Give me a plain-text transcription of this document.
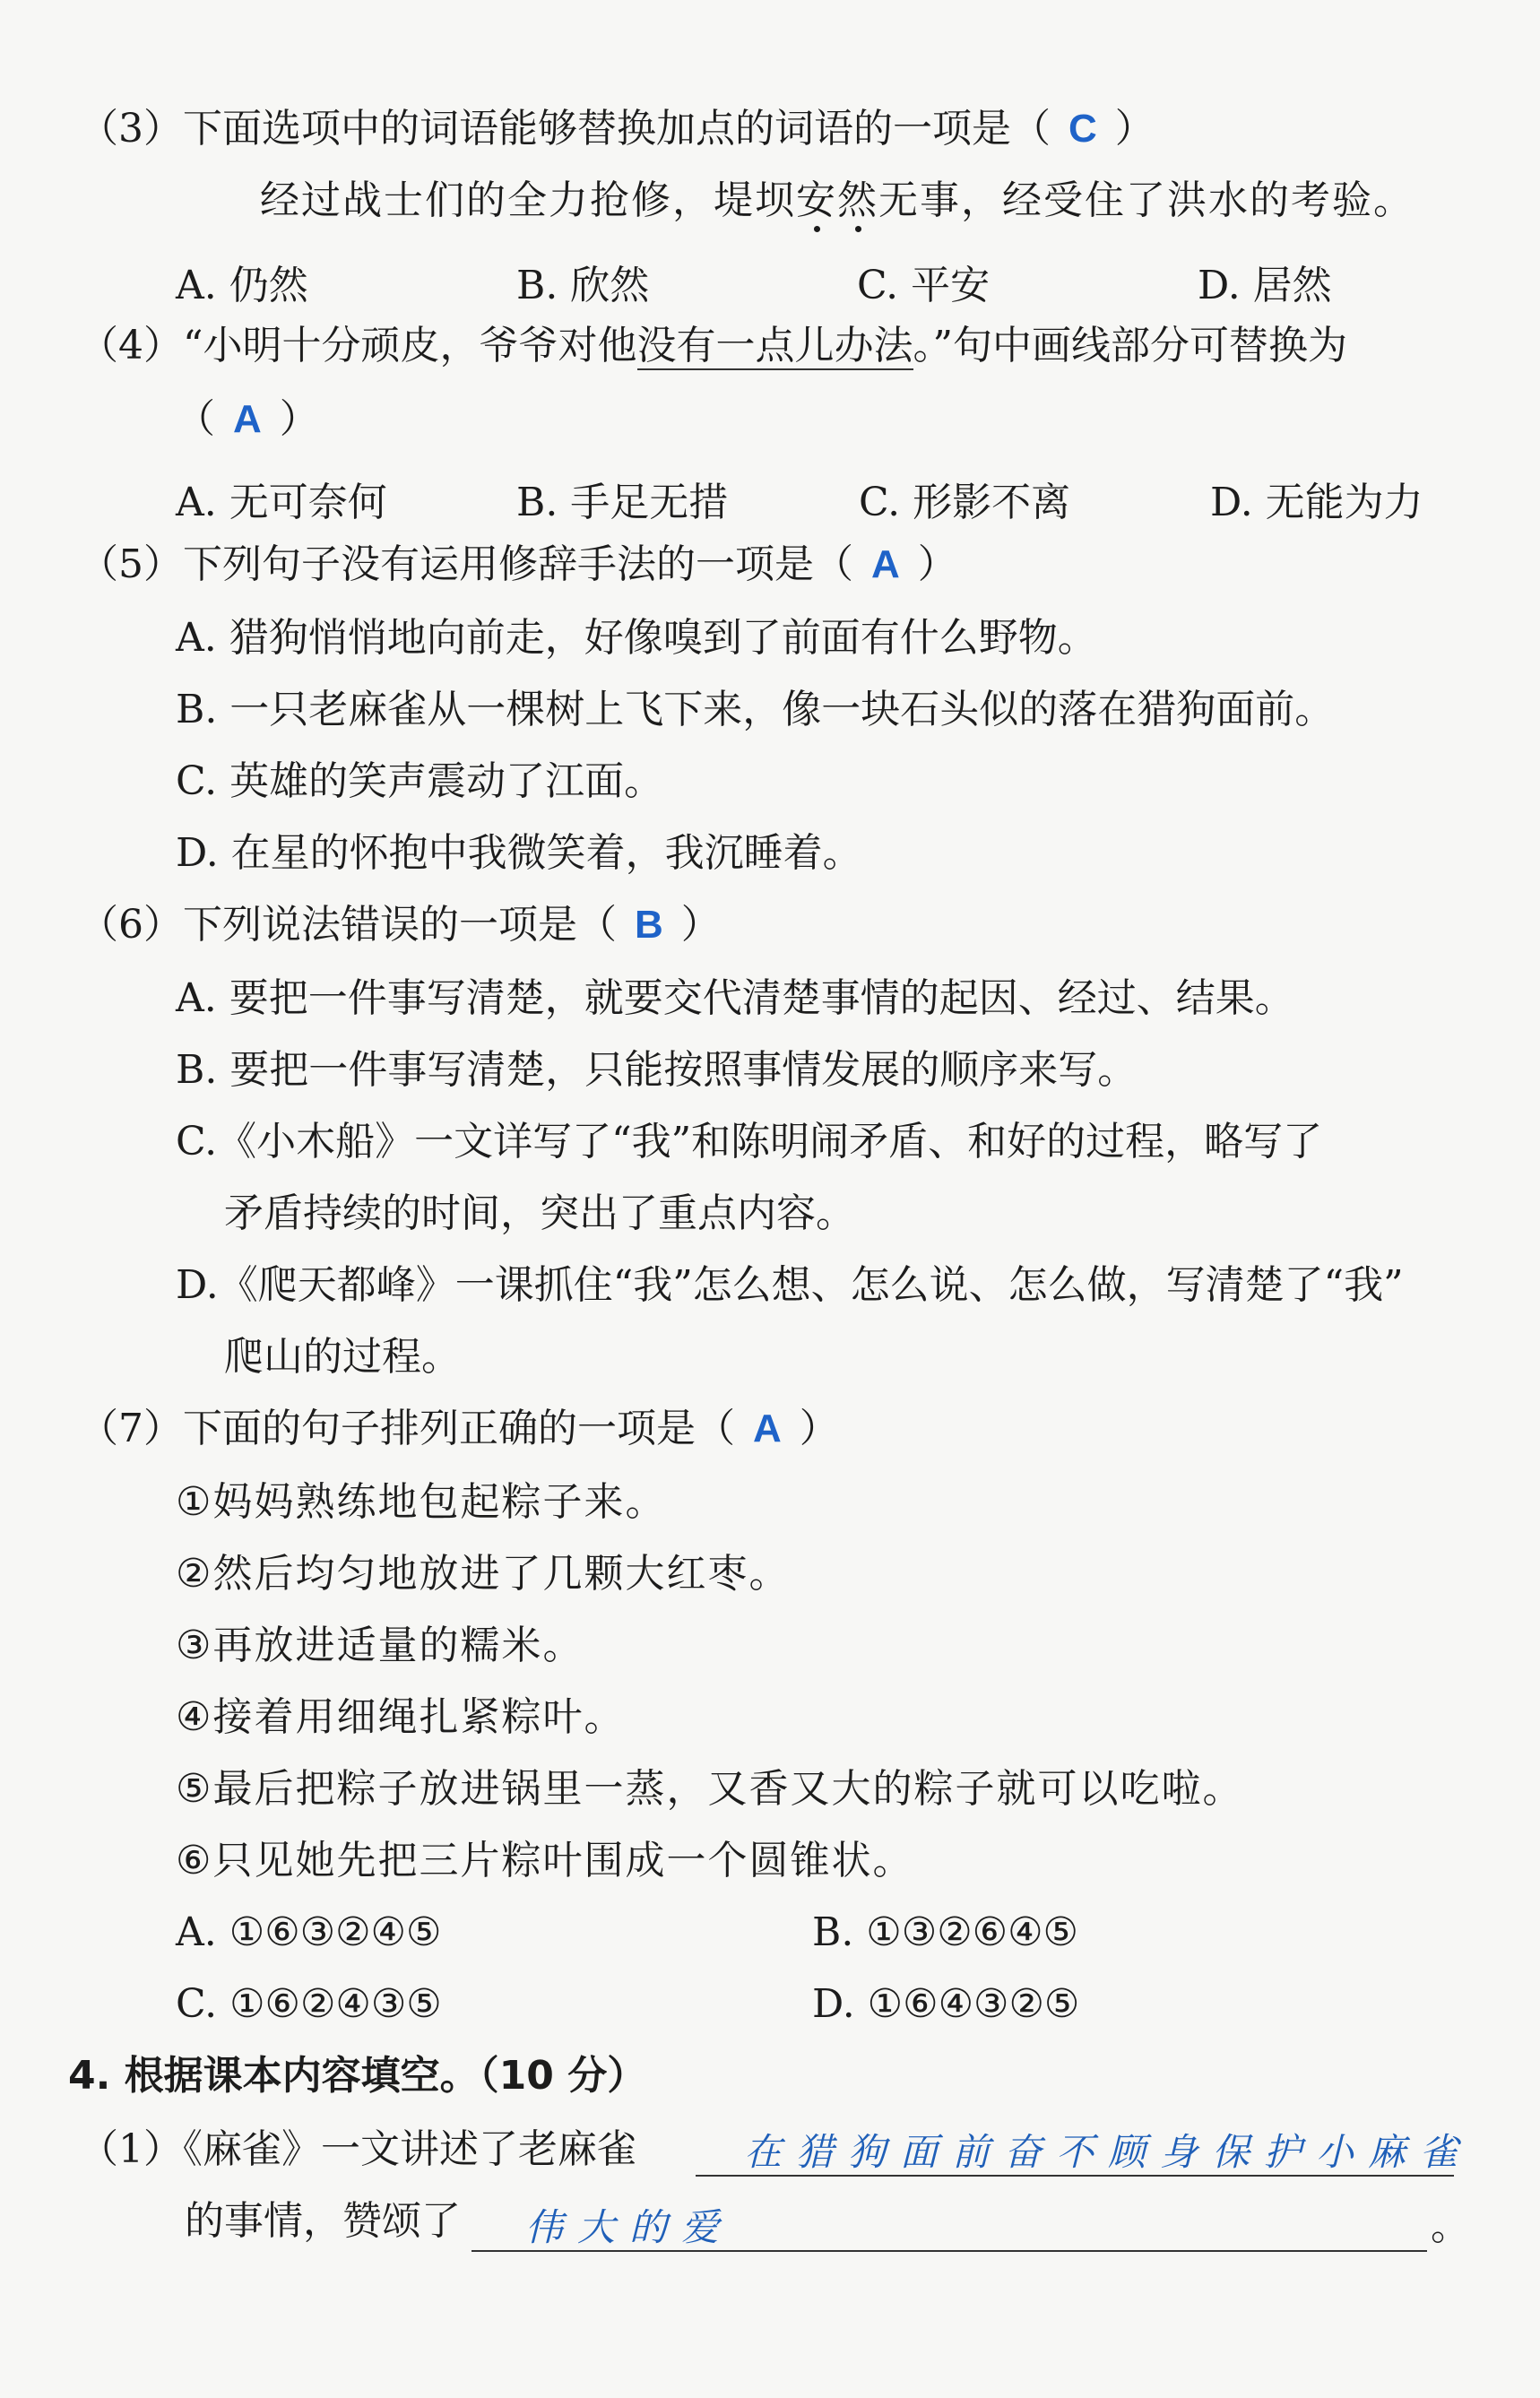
（3）下面选项中的词语能够替换加点的词语的一项是（ C ）
经过战士们的全力抢修，堤坝安然无事，经受住了洪水的考验。
A. 仍然	B. 欣然	C. 平安	D. 居然
（4）“小明十分顽皮，爷爷对他没有一点儿办法。”句中画线部分可替换为
（ A ）
A. 无可奈何	B. 手足无措	C. 形影不离	D. 无能为力
（5）下列句子没有运用修辞手法的一项是（ A ）
A. 猎狗悄悄地向前走，好像嗅到了前面有什么野物。
B. 一只老麻雀从一棵树上飞下来，像一块石头似的落在猎狗面前。
C. 英雄的笑声震动了江面。
D. 在星的怀抱中我微笑着，我沉睡着。
（6）下列说法错误的一项是（ B ）
A. 要把一件事写清楚，就要交代清楚事情的起因、经过、结果。
B. 要把一件事写清楚，只能按照事情发展的顺序来写。
C.《小木船》一文详写了“我”和陈明闹矛盾、和好的过程，略写了
矛盾持续的时间，突出了重点内容。
D.《爬天都峰》一课抓住“我”怎么想、怎么说、怎么做，写清楚了“我”
爬山的过程。
（7）下面的句子排列正确的一项是（ A ）
①妈妈熟练地包起粽子来。
②然后均匀地放进了几颗大红枣。
③再放进适量的糯米。
④接着用细绳扎紧粽叶。
⑤最后把粽子放进锅里一蒸，又香又大的粽子就可以吃啦。
⑥只见她先把三片粽叶围成一个圆锥状。
A. ①⑥③②④⑤	B. ①③②⑥④⑤
C. ①⑥②④③⑤	D. ①⑥④③②⑤
4. 根据课本内容填空。（10 分）
（1）《麻雀》一文讲述了老麻雀	在猎狗面前奋不顾身保护小麻雀
的事情，赞颂了 伟大的爱	。
